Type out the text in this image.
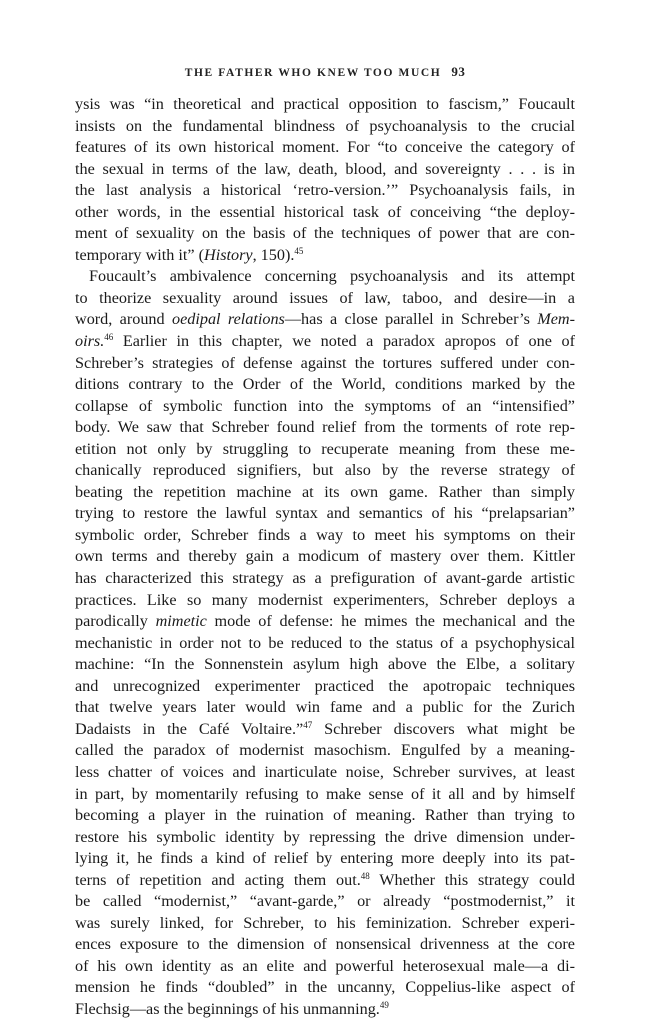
THE FATHER WHO KNEW TOO MUCH 93
ysis was “in theoretical and practical opposition to fascism,” Foucault
insists on the fundamental blindness of psychoanalysis to the crucial
features of its own historical moment. For “to conceive the category of
the sexual in terms of the law, death, blood, and sovereignty . . . is in
the last analysis a historical ‘retro-version.’” Psychoanalysis fails, in
other words, in the essential historical task of conceiving “the deploy-
ment of sexuality on the basis of the techniques of power that are con-
temporary with it” (History, 150).$^{45}$
Foucault’s ambivalence concerning psychoanalysis and its attempt
to theorize sexuality around issues of law, taboo, and desire—in a
word, around oedipal relations—has a close parallel in Schreber’s Mem-
oirs.$^{46}$ Earlier in this chapter, we noted a paradox apropos of one of
Schreber’s strategies of defense against the tortures suffered under con-
ditions contrary to the Order of the World, conditions marked by the
collapse of symbolic function into the symptoms of an “intensified”
body. We saw that Schreber found relief from the torments of rote rep-
etition not only by struggling to recuperate meaning from these me-
chanically reproduced signifiers, but also by the reverse strategy of
beating the repetition machine at its own game. Rather than simply
trying to restore the lawful syntax and semantics of his “prelapsarian”
symbolic order, Schreber finds a way to meet his symptoms on their
own terms and thereby gain a modicum of mastery over them. Kittler
has characterized this strategy as a prefiguration of avant-garde artistic
practices. Like so many modernist experimenters, Schreber deploys a
parodically mimetic mode of defense: he mimes the mechanical and the
mechanistic in order not to be reduced to the status of a psychophysical
machine: “In the Sonnenstein asylum high above the Elbe, a solitary
and unrecognized experimenter practiced the apotropaic techniques
that twelve years later would win fame and a public for the Zurich
Dadaists in the Café Voltaire.”$^{47}$ Schreber discovers what might be
called the paradox of modernist masochism. Engulfed by a meaning-
less chatter of voices and inarticulate noise, Schreber survives, at least
in part, by momentarily refusing to make sense of it all and by himself
becoming a player in the ruination of meaning. Rather than trying to
restore his symbolic identity by repressing the drive dimension under-
lying it, he finds a kind of relief by entering more deeply into its pat-
terns of repetition and acting them out.$^{48}$ Whether this strategy could
be called “modernist,” “avant-garde,” or already “postmodernist,” it
was surely linked, for Schreber, to his feminization. Schreber experi-
ences exposure to the dimension of nonsensical drivenness at the core
of his own identity as an elite and powerful heterosexual male—a di-
mension he finds “doubled” in the uncanny, Coppelius-like aspect of
Flechsig—as the beginnings of his unmanning.$^{49}$
